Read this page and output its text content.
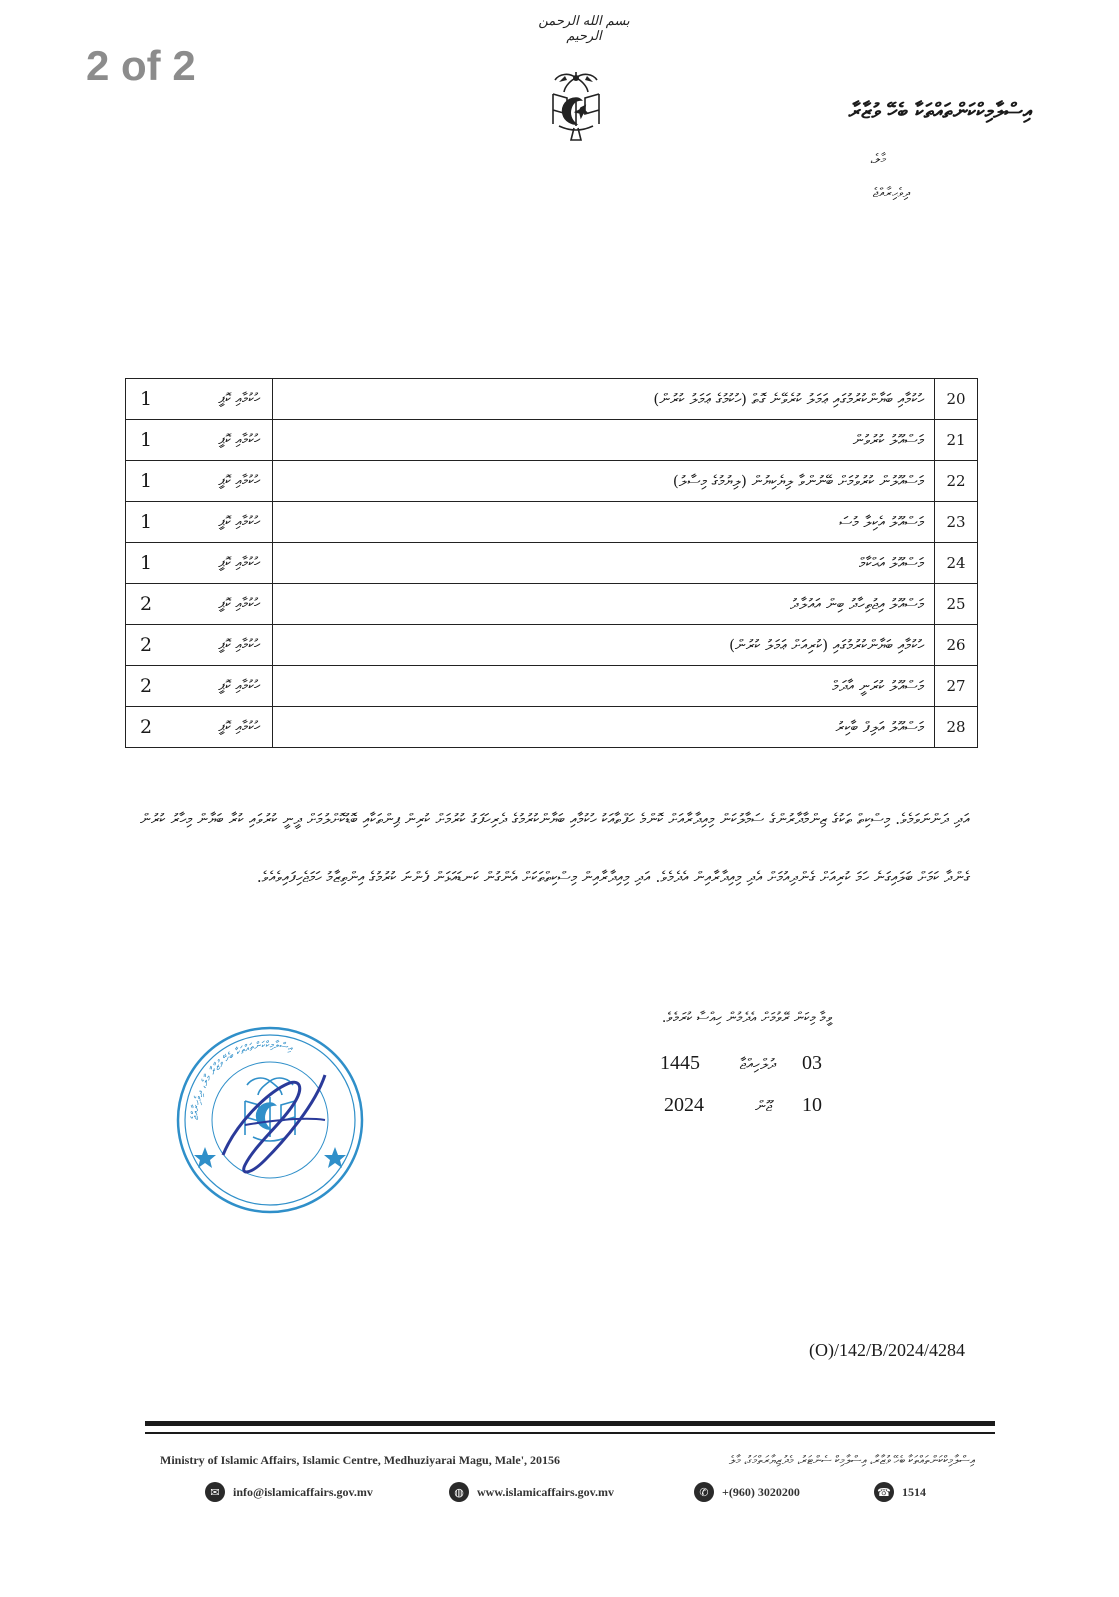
2 of 2
بسم الله الرحمن الرحيم
އިސްލާމިކްކަންތައްތަކާ ބެހޭ ވުޒާރާ
މާލެ،
ދިވެހިރާއްޖެ
1 ހުކުމާއި ކޮޕީ	ހުކުމާއި ބަޔާންކުރުމުގައި ޢަމަލު ކުރެވޭނެ ގޮތް (ހުކުމުގެ ޢަމަލު ކުރުން)	20

1 ހުކުމާއި ކޮޕީ	މަސްއޫލު ކުރުވުން	21

1 ހުކުމާއި ކޮޕީ	މަސްއޫލުން ކުރުވުމަށް ބޭނުންވާ ލިޔެކިޔުން (ލިޔުމުގެ މިސާލު)	22

1 ހުކުމާއި ކޮޕީ	މަސްއޫލު އެކިލާ މުސަ	23

1 ހުކުމާއި ކޮޕީ	މަސްއޫލު އަޙްކާމް	24

2 ހުކުމާއި ކޮޕީ	މަސްއޫލު އިޖުތިހާދު ބިން އައުލާދު	25

2 ހުކުމާއި ކޮޕީ	ހުކުމާއި ބަޔާންކުރުމުގައި (ކުރިއަށް ޢަމަލު ކުރުން)	26

2 ހުކުމާއި ކޮޕީ	މަސްއޫލު ކުރަނީ އާދަމް	27

2 ހުކުމާއި ކޮޕީ	މަސްއޫލު އަލިފް ބާކިރު	28
އަދި ދަންނަވަމެވެ. މިސްކިތް ތަކުގެ ޒިންމާދާރުންގެ ސަމާލުކަން މިއިދާރާއަށް ކޮންމެ ހަފްތާއަކު ހުކުމާއި ބަޔާންކުރުމުގެ ދެރިހަފަގު ކުރުމަށް ކުރިން ޕިންތަކާއި ބޮޑުކޮށްލުމަށް ދީނީ ކުރުވައި ކުރާ ބަޔާން މިހާރު ކުރުން ގެންދާ ކަމަށް ބަލައިގަނެ ހަމަ ކުރިއަށް ގެންދިއުމަށް އެދި މިއިދާރާއިން އެދެމެވެ. އަދި މިއިދާރާއިން މިސްކިތްތަކަށް އެންގުން ކަނޑައަޅަން ފެންނަ ކުރުމުގެ އިންތިޒާމު ހަމަޖެހިފައިވެއެވެ.
ވީމާ މިކަން ރޭވުމަށް އެދެމުން ހިއްސާ ކުރަމެވެ.
03
ދުލްހިއްޖާ
1445
10
ޖޫން
2024
އިސްލާމިކްކަންތައްތަކާ ބެހޭ ވުޒާރާ މާލެ، ދިވެހިރާއްޖެ
(O)/142/B/2024/4284
Ministry of Islamic Affairs, Islamic Centre, Medhuziyarai Magu, Male', 20156	އިސްލާމިކްކަންތައްތަކާ ބެހޭ ވުޒާރާ، އިސްލާމިކް ސެންޓަރު، މެދުޒިޔާރަތްމަގު، މާލެ
✉	info@islamicaffairs.gov.mv	◍	www.islamicaffairs.gov.mv	✆	+(960) 3020200	☎ 1514
